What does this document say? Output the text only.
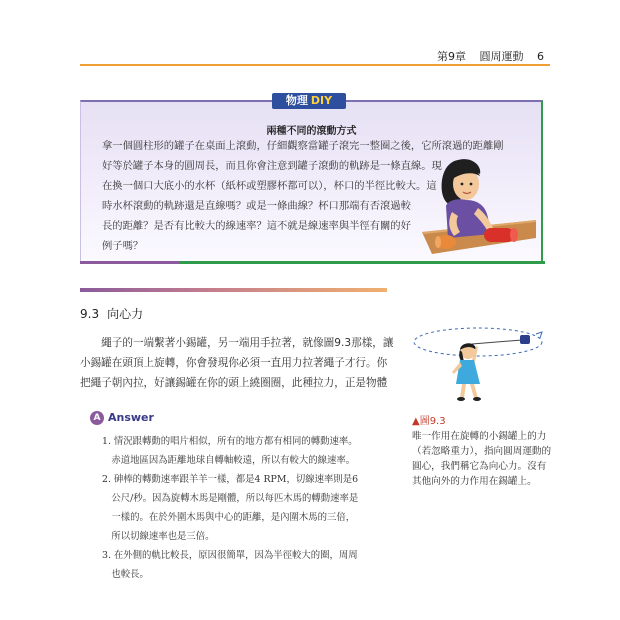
第9章 圓周運動 6
物理 DIY
兩種不同的滾動方式
拿一個圓柱形的罐子在桌面上滾動，仔細觀察當罐子滾完一整圈之後，它所滾過的距離剛
好等於罐子本身的圓周長，而且你會注意到罐子滾動的軌跡是一條直線。現
在換一個口大底小的水杯（紙杯或塑膠杯都可以），杯口的半徑比較大。這
時水杯滾動的軌跡還是直線嗎？或是一條曲線？杯口那端有否滾過較
長的距離？是否有比較大的線速率？這不就是線速率與半徑有關的好
例子嗎？
9.3 向心力
　　繩子的一端繫著小錫罐，另一端用手拉著，就像圖9.3那樣，讓
小錫罐在頭頂上旋轉，你會發現你必須一直用力拉著繩子才行。你
把繩子朝內拉，好讓錫罐在你的頭上繞圈圈，此種拉力，正是物體
A Answer
1. 情況跟轉動的唱片相似，所有的地方都有相同的轉動速率。
　赤道地區因為距離地球自轉軸較遠，所以有較大的線速率。
2. 砷棒的轉動速率跟羊羊一樣，都是4 RPM，切線速率則是6
　公尺/秒。因為旋轉木馬是剛體，所以每匹木馬的轉動速率是
　一樣的。在於外圍木馬與中心的距離，是內圍木馬的三倍，
　所以切線速率也是三倍。
3. 在外側的軌比較長，原因很簡單，因為半徑較大的圈，周周
　也較長。
▲圖9.3
唯一作用在旋轉的小錫罐上的力
（若忽略重力），指向圓周運動的
圓心，我們稱它為向心力。沒有
其他向外的力作用在錫罐上。
